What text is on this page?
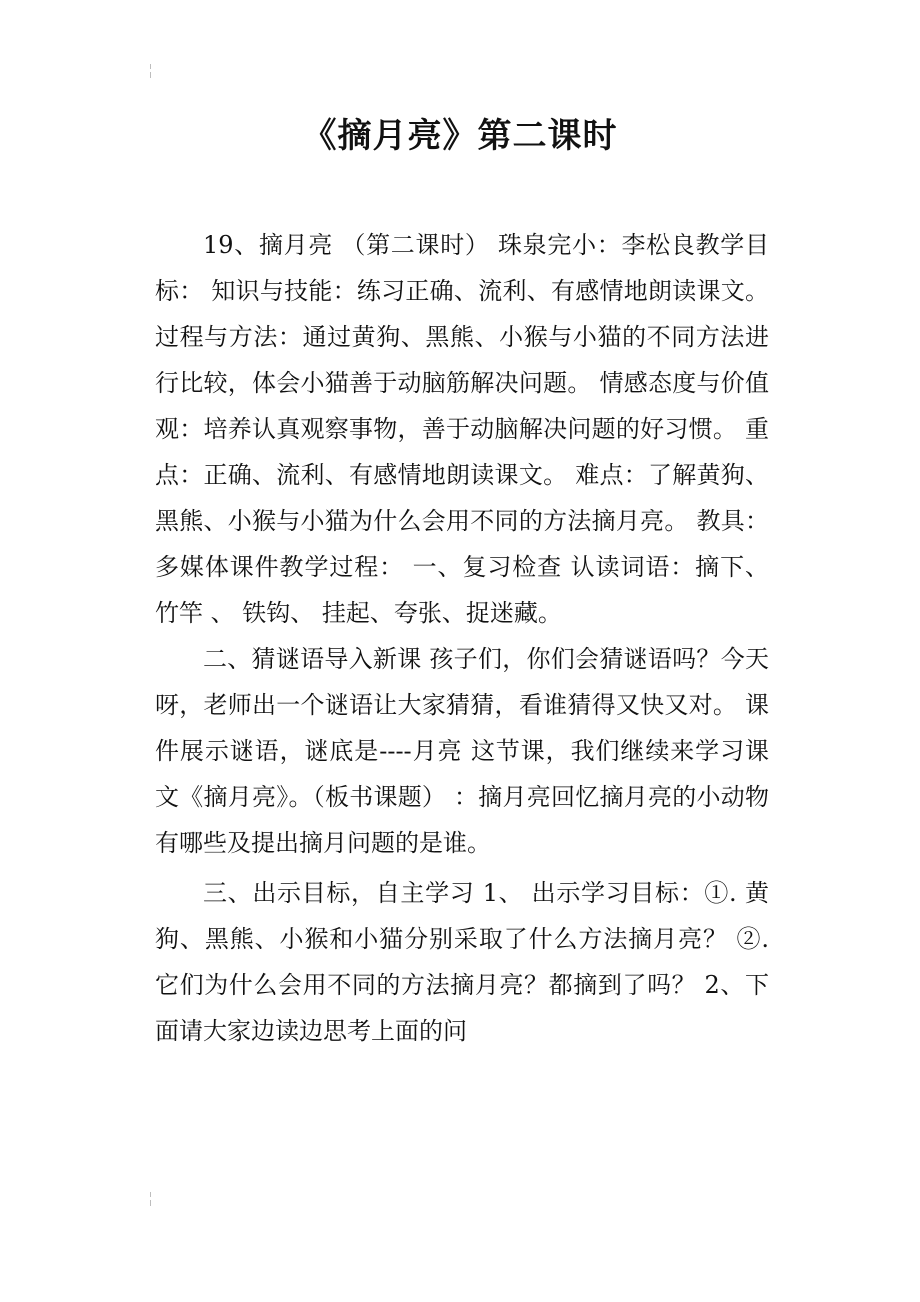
《摘月亮》第二课时

19、摘月亮 （第二课时） 珠泉完小：李松良教学目标： 知识与技能：练习正确、流利、有感情地朗读课文。 过程与方法：通过黄狗、黑熊、小猴与小猫的不同方法进行比较，体会小猫善于动脑筋解决问题。 情感态度与价值观：培养认真观察事物，善于动脑解决问题的好习惯。 重点：正确、流利、有感情地朗读课文。 难点：了解黄狗、黑熊、小猴与小猫为什么会用不同的方法摘月亮。 教具：多媒体课件教学过程： 一、复习检查 认读词语：摘下、竹竿 、 铁钩、 挂起、夸张、捉迷藏。

二、猜谜语导入新课 孩子们，你们会猜谜语吗？今天呀，老师出一个谜语让大家猜猜，看谁猜得又快又对。 课件展示谜语，谜底是----月亮 这节课，我们继续来学习课文《摘月亮》。（板书课题） ：摘月亮回忆摘月亮的小动物有哪些及提出摘月问题的是谁。

三、出示目标，自主学习 1、 出示学习目标：①. 黄狗、黑熊、小猴和小猫分别采取了什么方法摘月亮？ ②.它们为什么会用不同的方法摘月亮？都摘到了吗？ 2、下面请大家边读边思考上面的问
